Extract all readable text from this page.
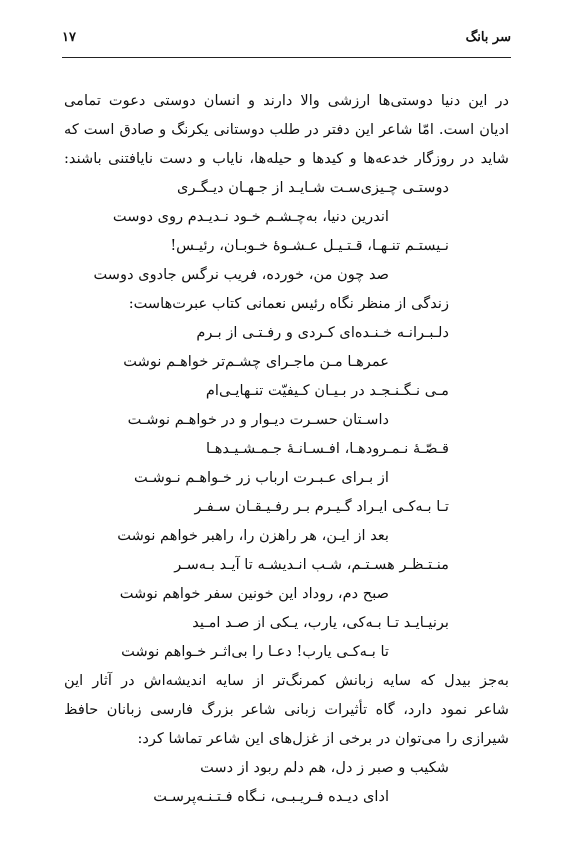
سر بانگ
۱۷
در این دنیا دوستی‌ها ارزشی والا دارند و انسان دوستی دعوت تمامی
ادیان است. امّا شاعر این دفتر در طلب دوستانی یکرنگ و صادق است که
شاید در روزگار خدعه‌ها و کیدها و حیله‌ها، نایاب و دست نایافتنی باشند:
دوستـی چـیزی‌سـت شـایـد از جـهـان دیـگـری
اندرین دنیا، به‌چـشـم خـود نـدیـدم روی دوست
نـیستـم تنـهـا، قـتـیـل عـشـوهٔ خـوبـان، رئیـس!
صد چون من، خورده، فریب نرگس جادوی دوست
زندگی از منظر نگاه رئیس نعمانی کتاب عبرت‌هاست:
دلـبـرانـه خـنـده‌ای کـردی و رفـتـی از بـرم
عمرهـا مـن ماجـرای چشـم‌تر خواهـم نوشت
مـی نـگـنـجـد در بـیـان کـیفیّت تنـهایـی‌ام
داسـتان حسـرت دیـوار و در خواهـم نوشـت
قـصّـهٔ نـمـرودهـا، افـسـانـهٔ جـمـشـیـدهـا
از بـرای عـبـرت ارباب زر خـواهـم نـوشـت
تـا بـه‌کـی ایـراد گـیـرم بـر رفـیـقـان سـفـر
بعد از ایـن، هر راهزن را، راهبر خواهم نوشت
منـتـظـر هسـتـم، شـب انـدیشـه تا آیـد بـه‌سـر
صبح دم، روداد این خونین سفر خواهم نوشت
برنیـایـد تـا بـه‌کی، یارب، یـکی از صـد امـید
تا بـه‌کـی یارب! دعـا را بی‌اثـر خـواهم نوشت
به‌جز بیدل که سایه زبانش کمرنگ‌تر از سایه اندیشه‌اش در آثار این
شاعر نمود دارد، گاه تأثیرات زبانی شاعر بزرگ فارسی زبانان حافظ
شیرازی را می‌توان در برخی از غزل‌های این شاعر تماشا کرد:
شکیب و صبر ز دل، هم دلم ربود از دست
ادای دیـده فـریـبـی، نـگاه فـتـنـه‌پرسـت
